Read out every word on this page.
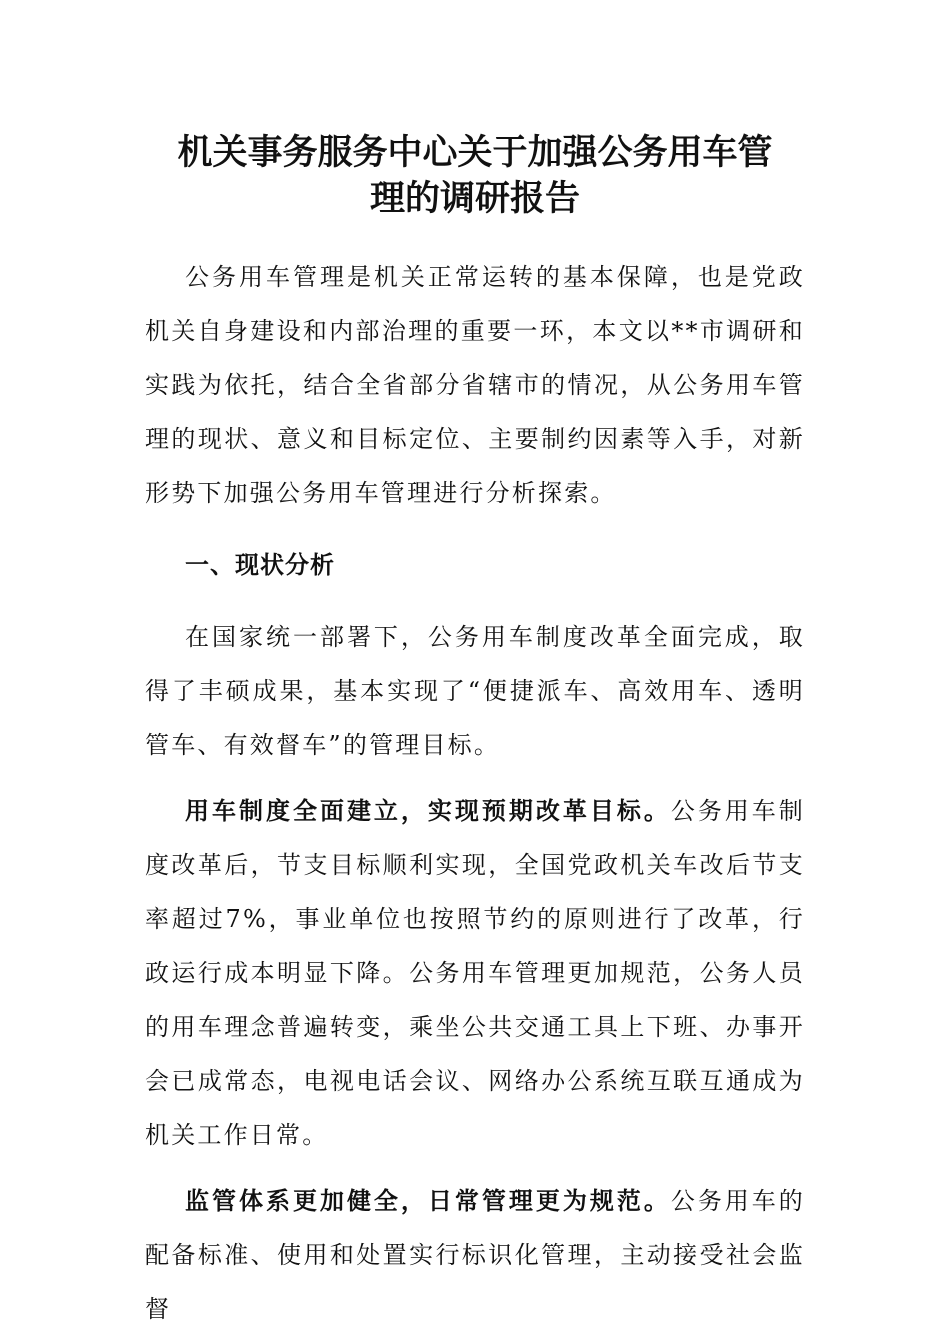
机关事务服务中心关于加强公务用车管
理的调研报告

公务用车管理是机关正常运转的基本保障，也是党政机关自身建设和内部治理的重要一环，本文以**市调研和实践为依托，结合全省部分省辖市的情况，从公务用车管理的现状、意义和目标定位、主要制约因素等入手，对新形势下加强公务用车管理进行分析探索。

一、现状分析

在国家统一部署下，公务用车制度改革全面完成，取得了丰硕成果，基本实现了“便捷派车、高效用车、透明管车、有效督车”的管理目标。

用车制度全面建立，实现预期改革目标。公务用车制度改革后，节支目标顺利实现，全国党政机关车改后节支率超过7%，事业单位也按照节约的原则进行了改革，行政运行成本明显下降。公务用车管理更加规范，公务人员的用车理念普遍转变，乘坐公共交通工具上下班、办事开会已成常态，电视电话会议、网络办公系统互联互通成为机关工作日常。

监管体系更加健全，日常管理更为规范。公务用车的配备标准、使用和处置实行标识化管理，主动接受社会监督
